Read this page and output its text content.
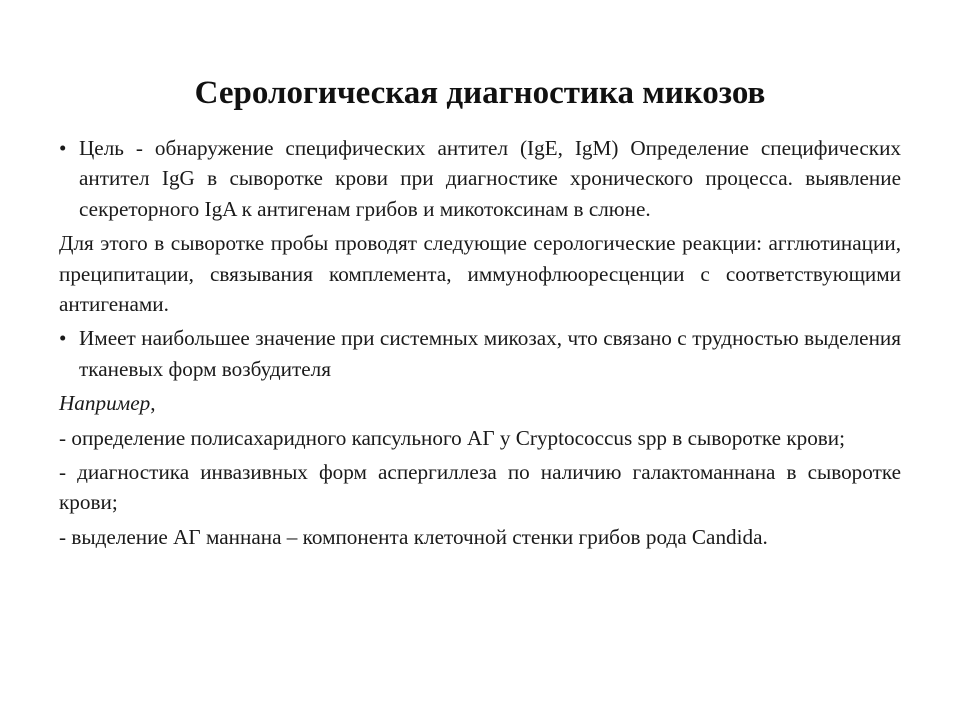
Серологическая диагностика микозов

• Цель - обнаружение специфических антител (IgE, IgM) Определение специфических антител IgG в сыворотке крови при диагностике хронического процесса. выявление секреторного IgA к антигенам грибов и микотоксинам в слюне.

Для этого в сыворотке пробы проводят следующие серологические реакции: агглютинации, преципитации, связывания комплемента, иммунофлюоресценции с соответствующими антигенами.

• Имеет наибольшее значение при системных микозах, что связано с трудностью выделения тканевых форм возбудителя

Например,

- определение полисахаридного капсульного АГ у Cryptococcus spp в сыворотке крови;

- диагностика инвазивных форм аспергиллеза по наличию галактоманнана в сыворотке крови;

- выделение АГ маннана – компонента клеточной стенки грибов рода Candida.
